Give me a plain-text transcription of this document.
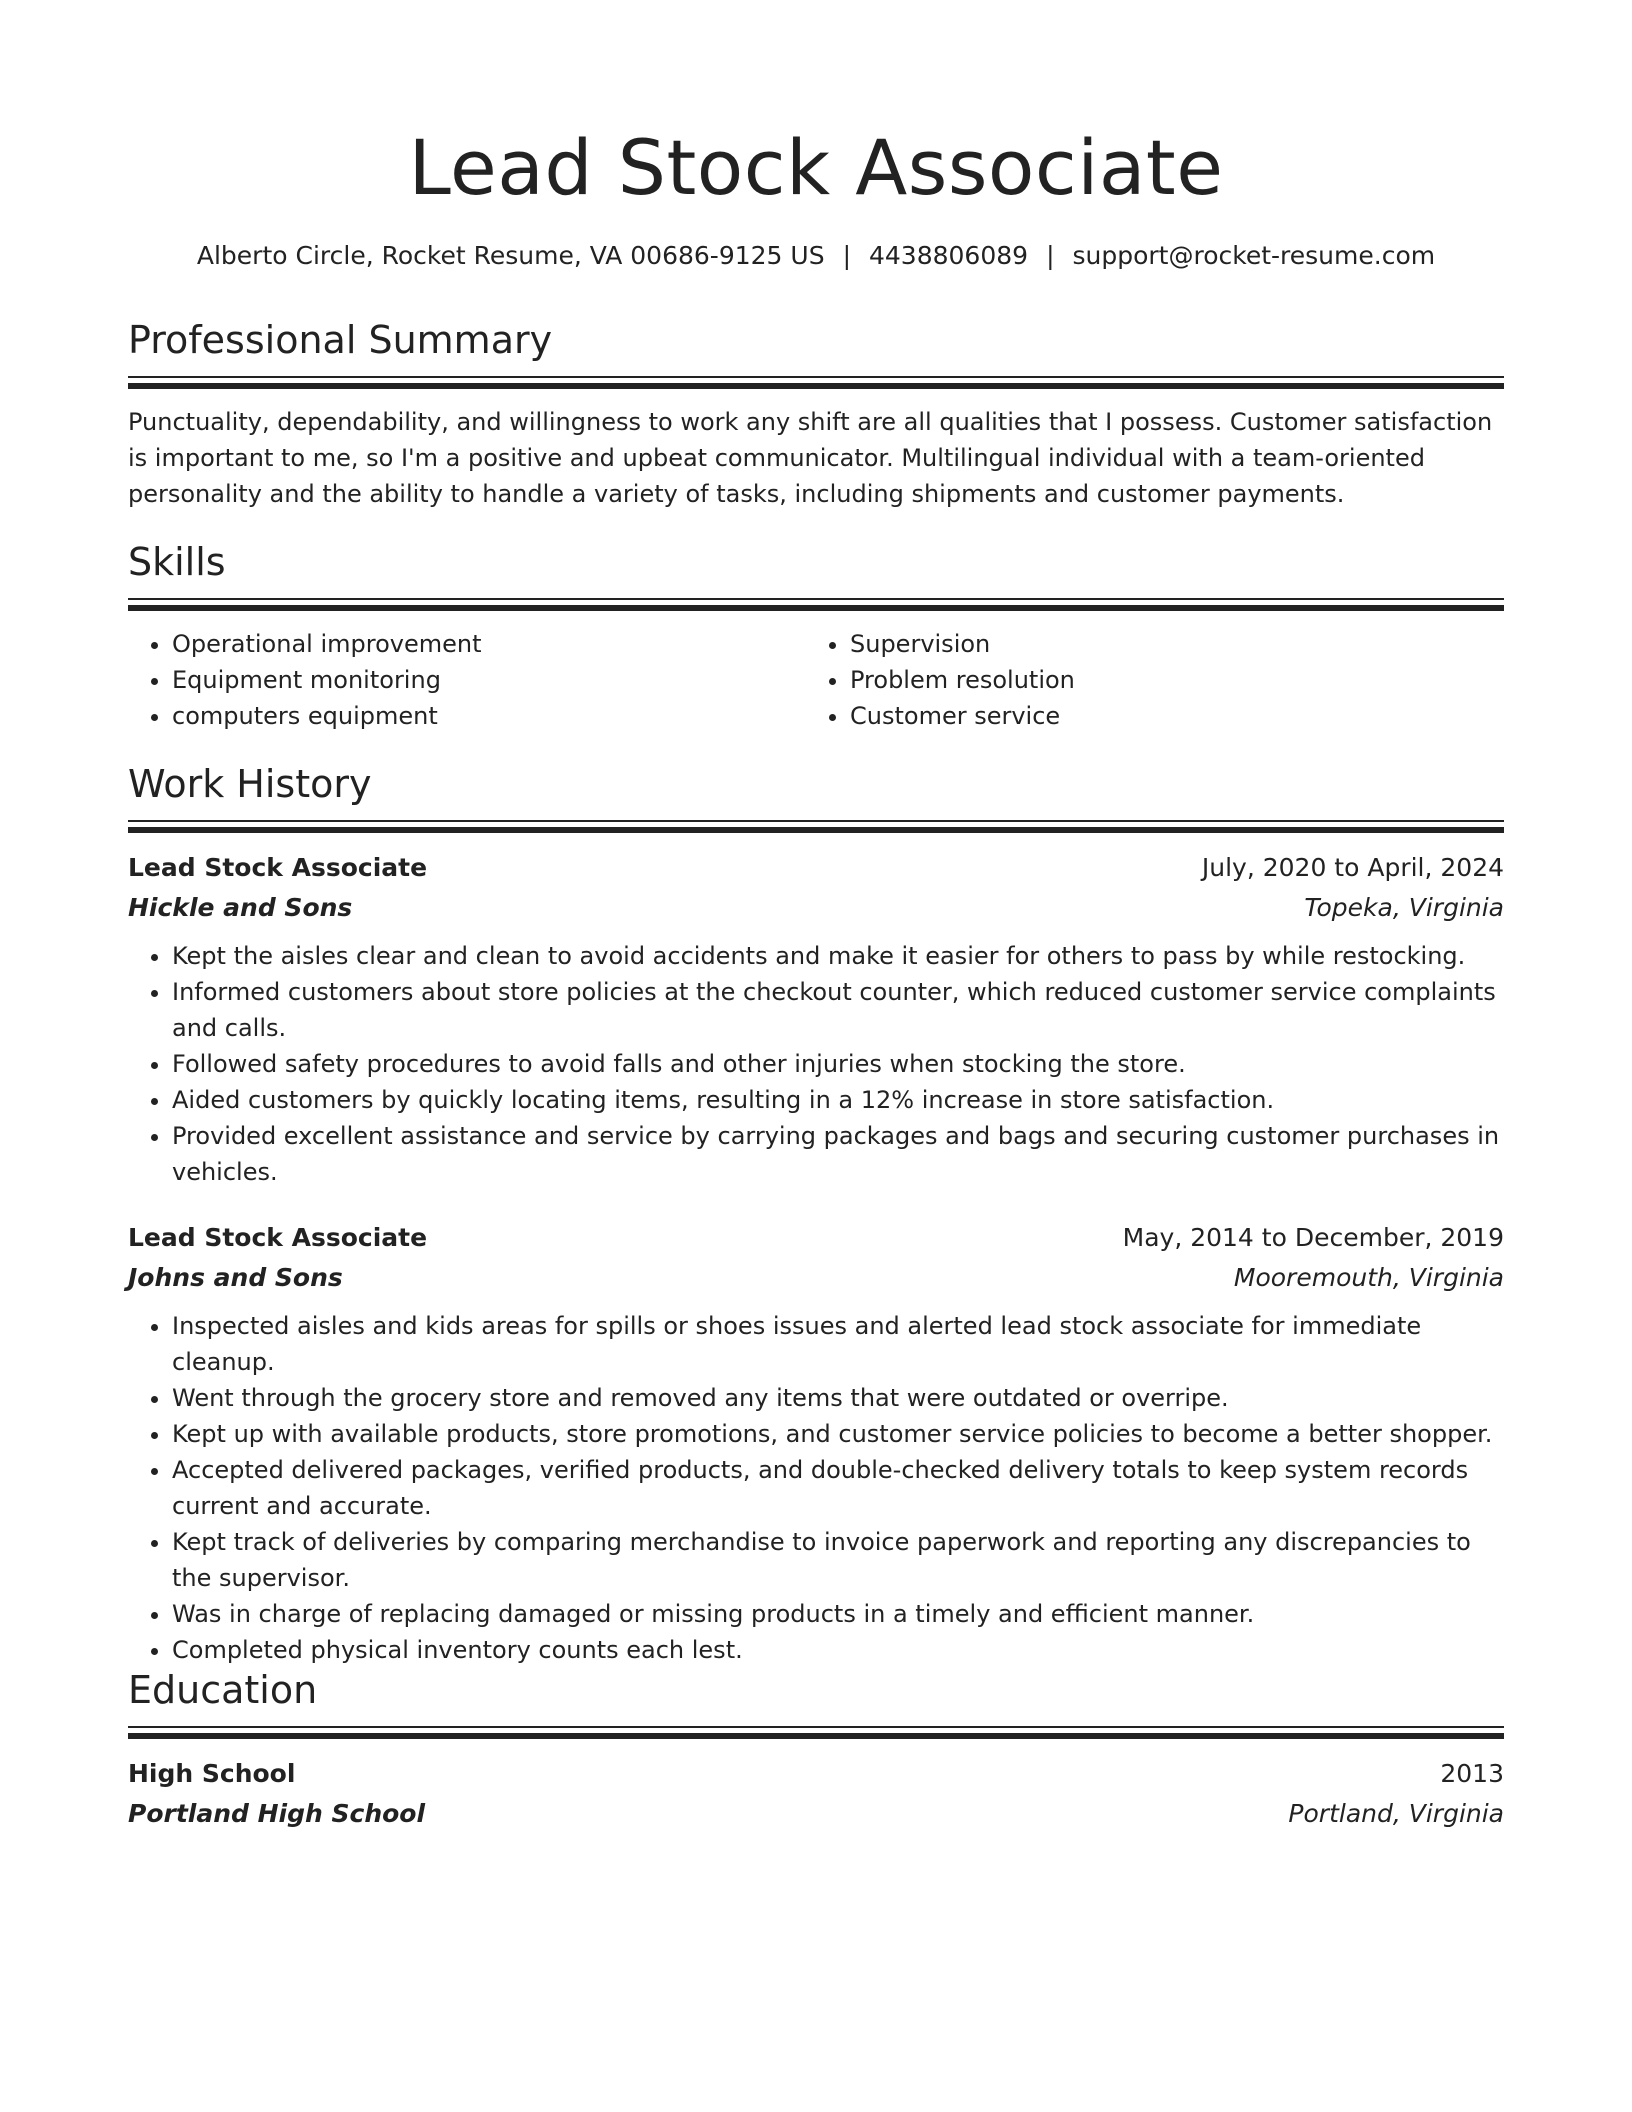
Lead Stock Associate
Alberto Circle, Rocket Resume, VA 00686-9125 US | 4438806089 | support@rocket-resume.com
Professional Summary

Punctuality, dependability, and willingness to work any shift are all qualities that I possess. Customer satisfaction is important to me, so I'm a positive and upbeat communicator. Multilingual individual with a team-oriented personality and the ability to handle a variety of tasks, including shipments and customer payments.

Skills
• Operational improvement
• Equipment monitoring
• computers equipment
• Supervision
• Problem resolution
• Customer service
Work History
Lead Stock Associate	July, 2020 to April, 2024
Hickle and Sons	Topeka, Virginia
• Kept the aisles clear and clean to avoid accidents and make it easier for others to pass by while restocking.
• Informed customers about store policies at the checkout counter, which reduced customer service complaints and calls.
• Followed safety procedures to avoid falls and other injuries when stocking the store.
• Aided customers by quickly locating items, resulting in a 12% increase in store satisfaction.
• Provided excellent assistance and service by carrying packages and bags and securing customer purchases in vehicles.
Lead Stock Associate	May, 2014 to December, 2019
Johns and Sons	Mooremouth, Virginia
• Inspected aisles and kids areas for spills or shoes issues and alerted lead stock associate for immediate cleanup.
• Went through the grocery store and removed any items that were outdated or overripe.
• Kept up with available products, store promotions, and customer service policies to become a better shopper.
• Accepted delivered packages, verified products, and double-checked delivery totals to keep system records current and accurate.
• Kept track of deliveries by comparing merchandise to invoice paperwork and reporting any discrepancies to the supervisor.
• Was in charge of replacing damaged or missing products in a timely and efficient manner.
• Completed physical inventory counts each lest.
Education
High School	2013
Portland High School	Portland, Virginia
